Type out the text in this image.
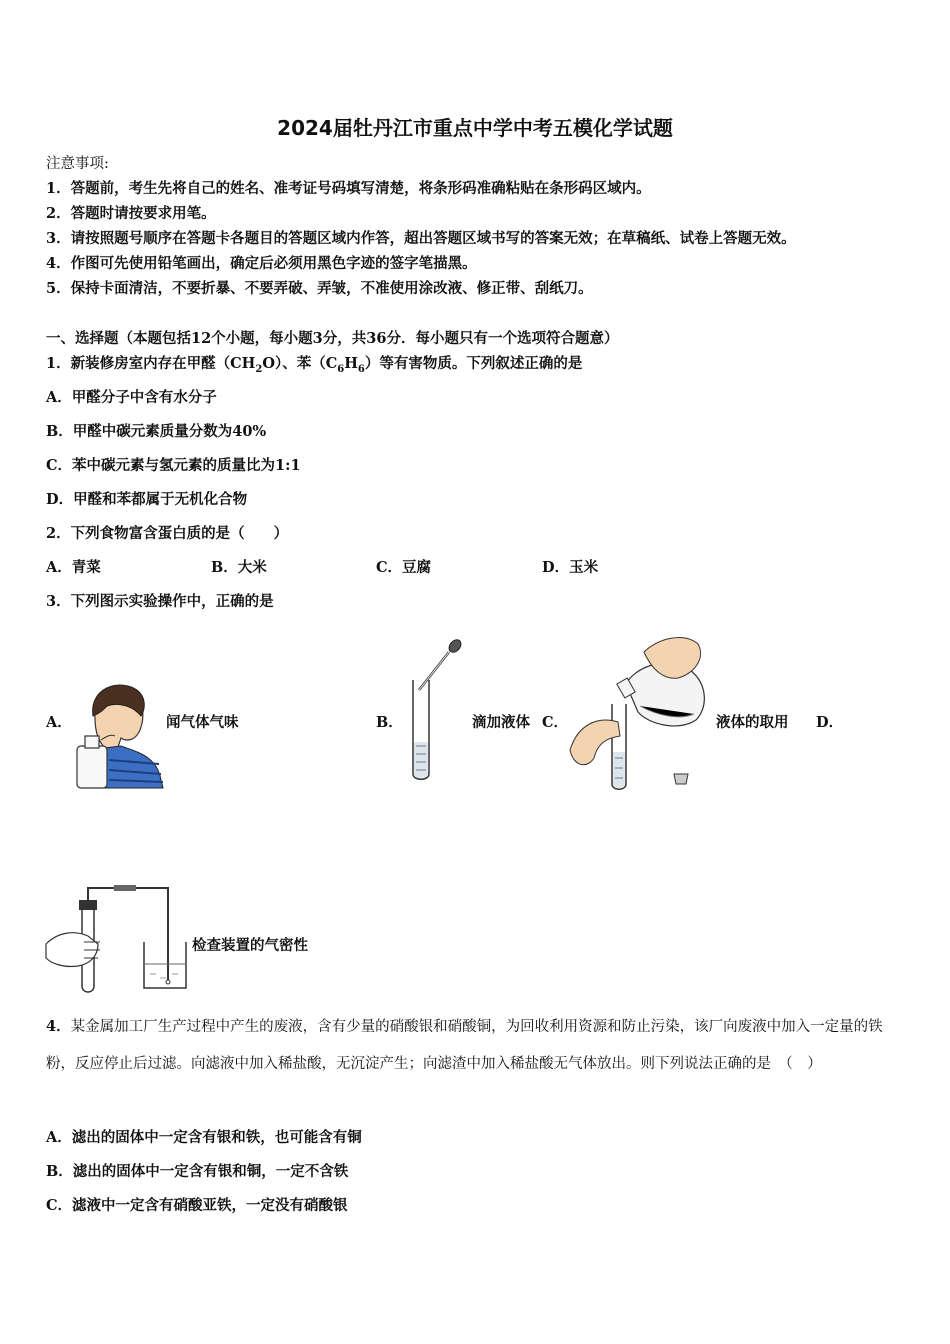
2024届牡丹江市重点中学中考五模化学试题
注意事项:
1．答题前，考生先将自己的姓名、准考证号码填写清楚，将条形码准确粘贴在条形码区域内。
2．答题时请按要求用笔。
3．请按照题号顺序在答题卡各题目的答题区域内作答，超出答题区域书写的答案无效；在草稿纸、试卷上答题无效。
4．作图可先使用铅笔画出，确定后必须用黑色字迹的签字笔描黑。
5．保持卡面清洁，不要折暴、不要弄破、弄皱，不准使用涂改液、修正带、刮纸刀。
一、选择题（本题包括12个小题，每小题3分，共36分．每小题只有一个选项符合题意）
1．新装修房室内存在甲醛$(CH_2O)$、苯$(C_6H_6)$等有害物质。下列叙述正确的是
A．甲醛分子中含有水分子
B．甲醛中碳元素质量分数为40%
C．苯中碳元素与氢元素的质量比为1:1
D．甲醛和苯都属于无机化合物
2．下列食物富含蛋白质的是（　　）
A．青菜	B．大米	C．豆腐	D．玉米
3．下列图示实验操作中，正确的是
A．	闻气体气味	B．	滴加液体 C．	液体的取用 D．
检查装置的气密性
4．某金属加工厂生产过程中产生的废液，含有少量的硝酸银和硝酸铜，为回收利用资源和防止污染，该厂向废液中加入一定量的铁粉，反应停止后过滤。向滤液中加入稀盐酸，无沉淀产生；向滤渣中加入稀盐酸无气体放出。则下列说法正确的是　（　）
A．滤出的固体中一定含有银和铁，也可能含有铜
B．滤出的固体中一定含有银和铜，一定不含铁
C．滤液中一定含有硝酸亚铁，一定没有硝酸银
